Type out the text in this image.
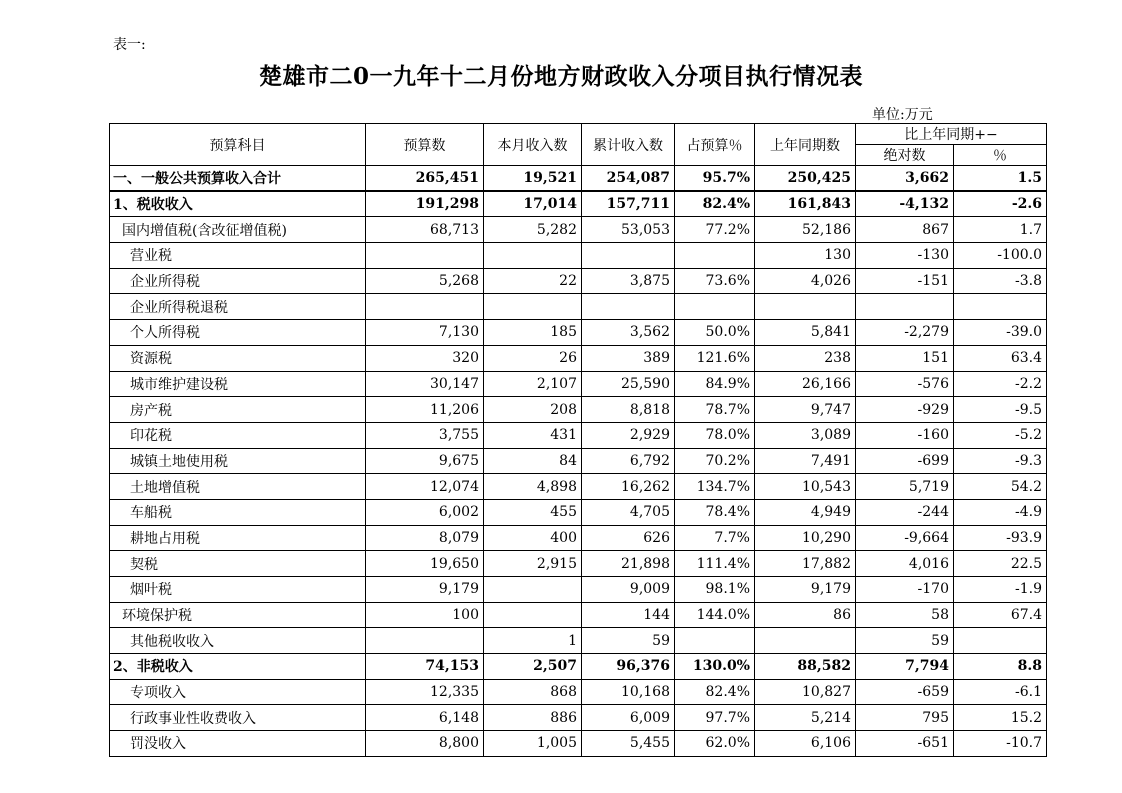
表一:
楚雄市二0一九年十二月份地方财政收入分项目执行情况表
单位:万元
预算科目	预算数	本月收入数	累计收入数	占预算％	上年同期数	比上年同期+−	
						绝对数	％
一、一般公共预算收入合计	265,451	19,521	254,087	95.7%	250,425	3,662	1.5
1、税收收入	191,298	17,014	157,711	82.4%	161,843	-4,132	-2.6
国内增值税(含改征增值税)	68,713	5,282	53,053	77.2%	52,186	867	1.7
营业税					130	-130	-100.0
企业所得税	5,268	22	3,875	73.6%	4,026	-151	-3.8
企业所得税退税							
个人所得税	7,130	185	3,562	50.0%	5,841	-2,279	-39.0
资源税	320	26	389	121.6%	238	151	63.4
城市维护建设税	30,147	2,107	25,590	84.9%	26,166	-576	-2.2
房产税	11,206	208	8,818	78.7%	9,747	-929	-9.5
印花税	3,755	431	2,929	78.0%	3,089	-160	-5.2
城镇土地使用税	9,675	84	6,792	70.2%	7,491	-699	-9.3
土地增值税	12,074	4,898	16,262	134.7%	10,543	5,719	54.2
车船税	6,002	455	4,705	78.4%	4,949	-244	-4.9
耕地占用税	8,079	400	626	7.7%	10,290	-9,664	-93.9
契税	19,650	2,915	21,898	111.4%	17,882	4,016	22.5
烟叶税	9,179		9,009	98.1%	9,179	-170	-1.9
环境保护税	100		144	144.0%	86	58	67.4
其他税收收入		1	59			59	
2、非税收入	74,153	2,507	96,376	130.0%	88,582	7,794	8.8
专项收入	12,335	868	10,168	82.4%	10,827	-659	-6.1
行政事业性收费收入	6,148	886	6,009	97.7%	5,214	795	15.2
罚没收入	8,800	1,005	5,455	62.0%	6,106	-651	-10.7
